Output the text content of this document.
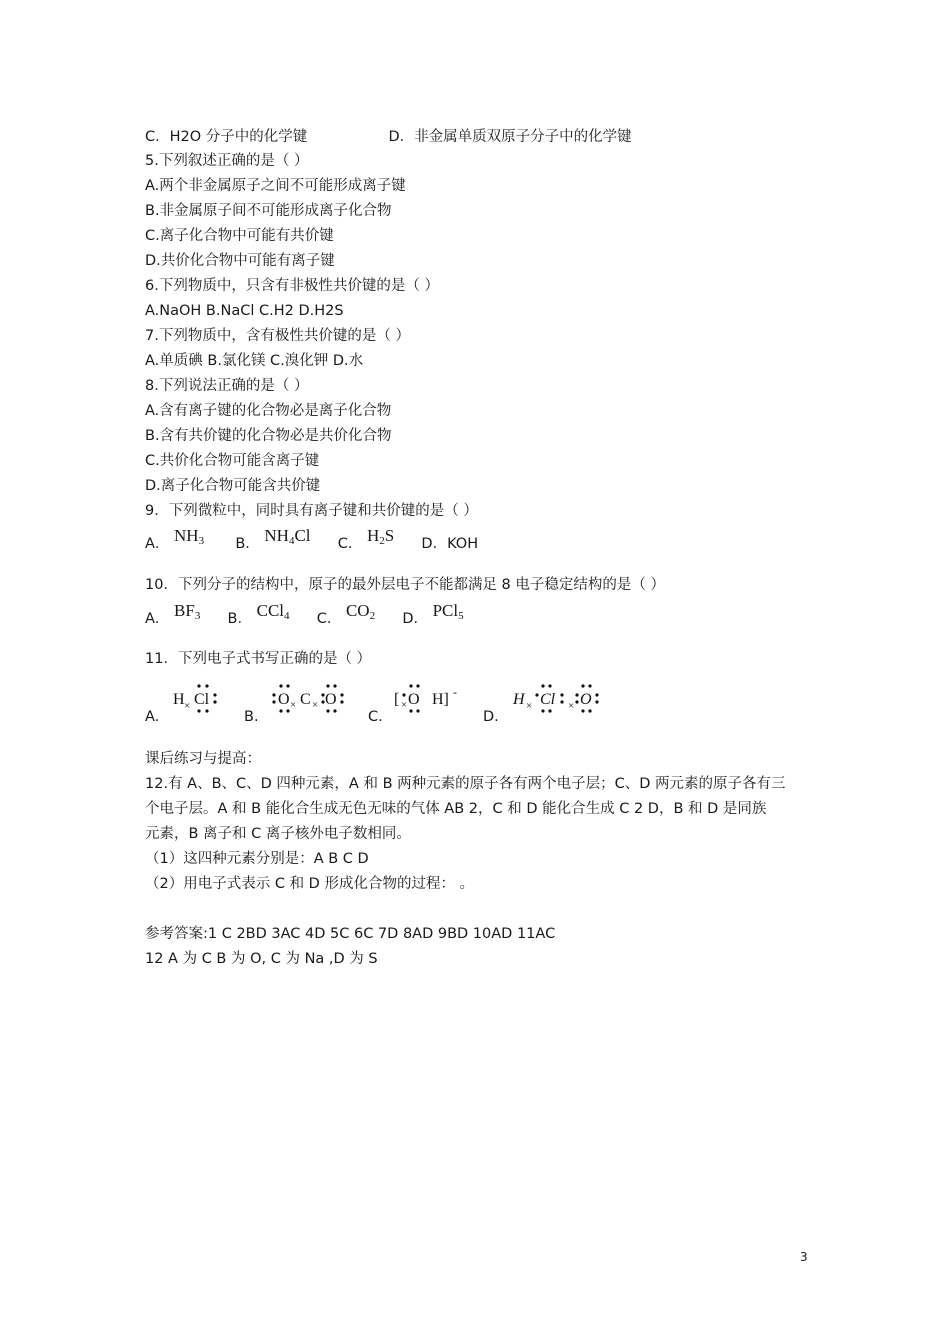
C．H2O 分子中的化学键	D．非金属单质双原子分子中的化学键
5.下列叙述正确的是（ ）
A.两个非金属原子之间不可能形成离子键
B.非金属原子间不可能形成离子化合物
C.离子化合物中可能有共价键
D.共价化合物中可能有离子键
6.下列物质中，只含有非极性共价键的是（ ）
A.NaOH B.NaCl C.H2 D.H2S
A.单质碘 B.氯化镁 C.溴化钾 D.水
7.下列物质中，含有极性共价键的是（ ）
8.下列说法正确的是（ ）
A.含有离子键的化合物必是离子化合物
B.含有共价键的化合物必是共价化合物
C.共价化合物可能含离子键
D.离子化合物可能含共价键
9．下列微粒中，同时具有离子键和共价键的是（ ）
A． $NH_3$ B． $NH_4Cl$ C． $H_2S$ D．KOH
10．下列分子的结构中，原子的最外层电子不能都满足 8 电子稳定结构的是（ ）
A． $BF_3$ B． CCl$_4$ C． $CO_2$ D． PCl$_5$
11．下列电子式书写正确的是（ ）
A.	B.	C.	D.
H × Cl	O × C × O	[ × O H] -	H × Cl × O
课后练习与提高：
12.有 A、B、C、D 四种元素，A 和 B 两种元素的原子各有两个电子层；C、D 两元素的原子各有三
个电子层。A 和 B 能化合生成无色无味的气体 AB 2，C 和 D 能化合生成 C 2 D，B 和 D 是同族
元素，B 离子和 C 离子核外电子数相同。
（1）这四种元素分别是：A B C D
（2）用电子式表示 C 和 D 形成化合物的过程： 。
参考答案:1 C 2BD 3AC 4D 5C 6C 7D 8AD 9BD 10AD 11AC
12 A 为 C B 为 O, C 为 Na ,D 为 S
3
